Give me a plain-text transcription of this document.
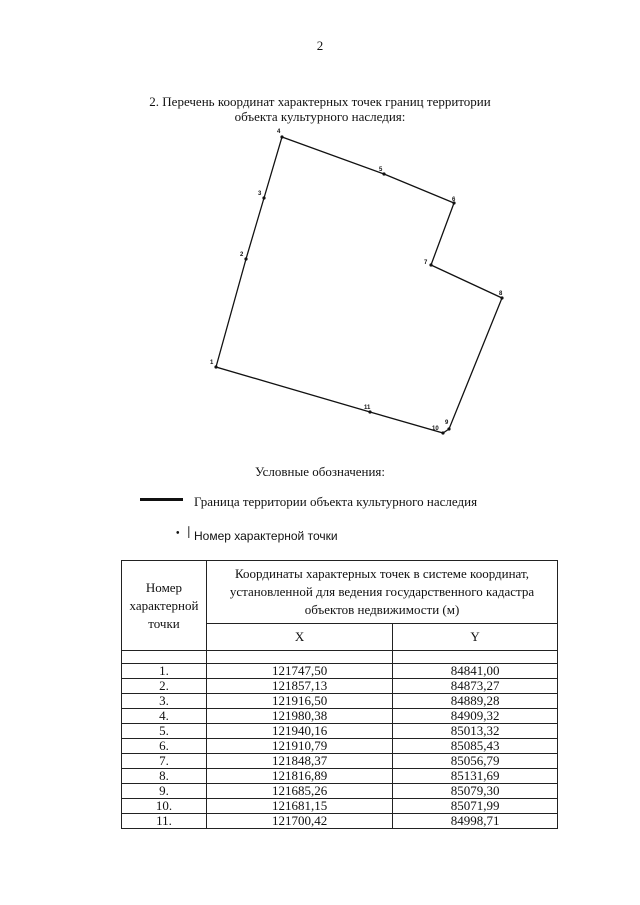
2
2. Перечень координат характерных точек границ территории
объекта культурного наследия:
1
2
3
4
5
6
7
8
9
10
11
Условные обозначения:
Граница территории объекта культурного наследия
• ׀ Номер характерной точки
Номер характерной точки	Координаты характерных точек в системе координат, установленной для ведения государственного кадастра объектов недвижимости (м)	
	X	Y

1.	121747,50	84841,00
2.	121857,13	84873,27
3.	121916,50	84889,28
4.	121980,38	84909,32
5.	121940,16	85013,32
6.	121910,79	85085,43
7.	121848,37	85056,79
8.	121816,89	85131,69
9.	121685,26	85079,30
10.	121681,15	85071,99
11.	121700,42	84998,71
